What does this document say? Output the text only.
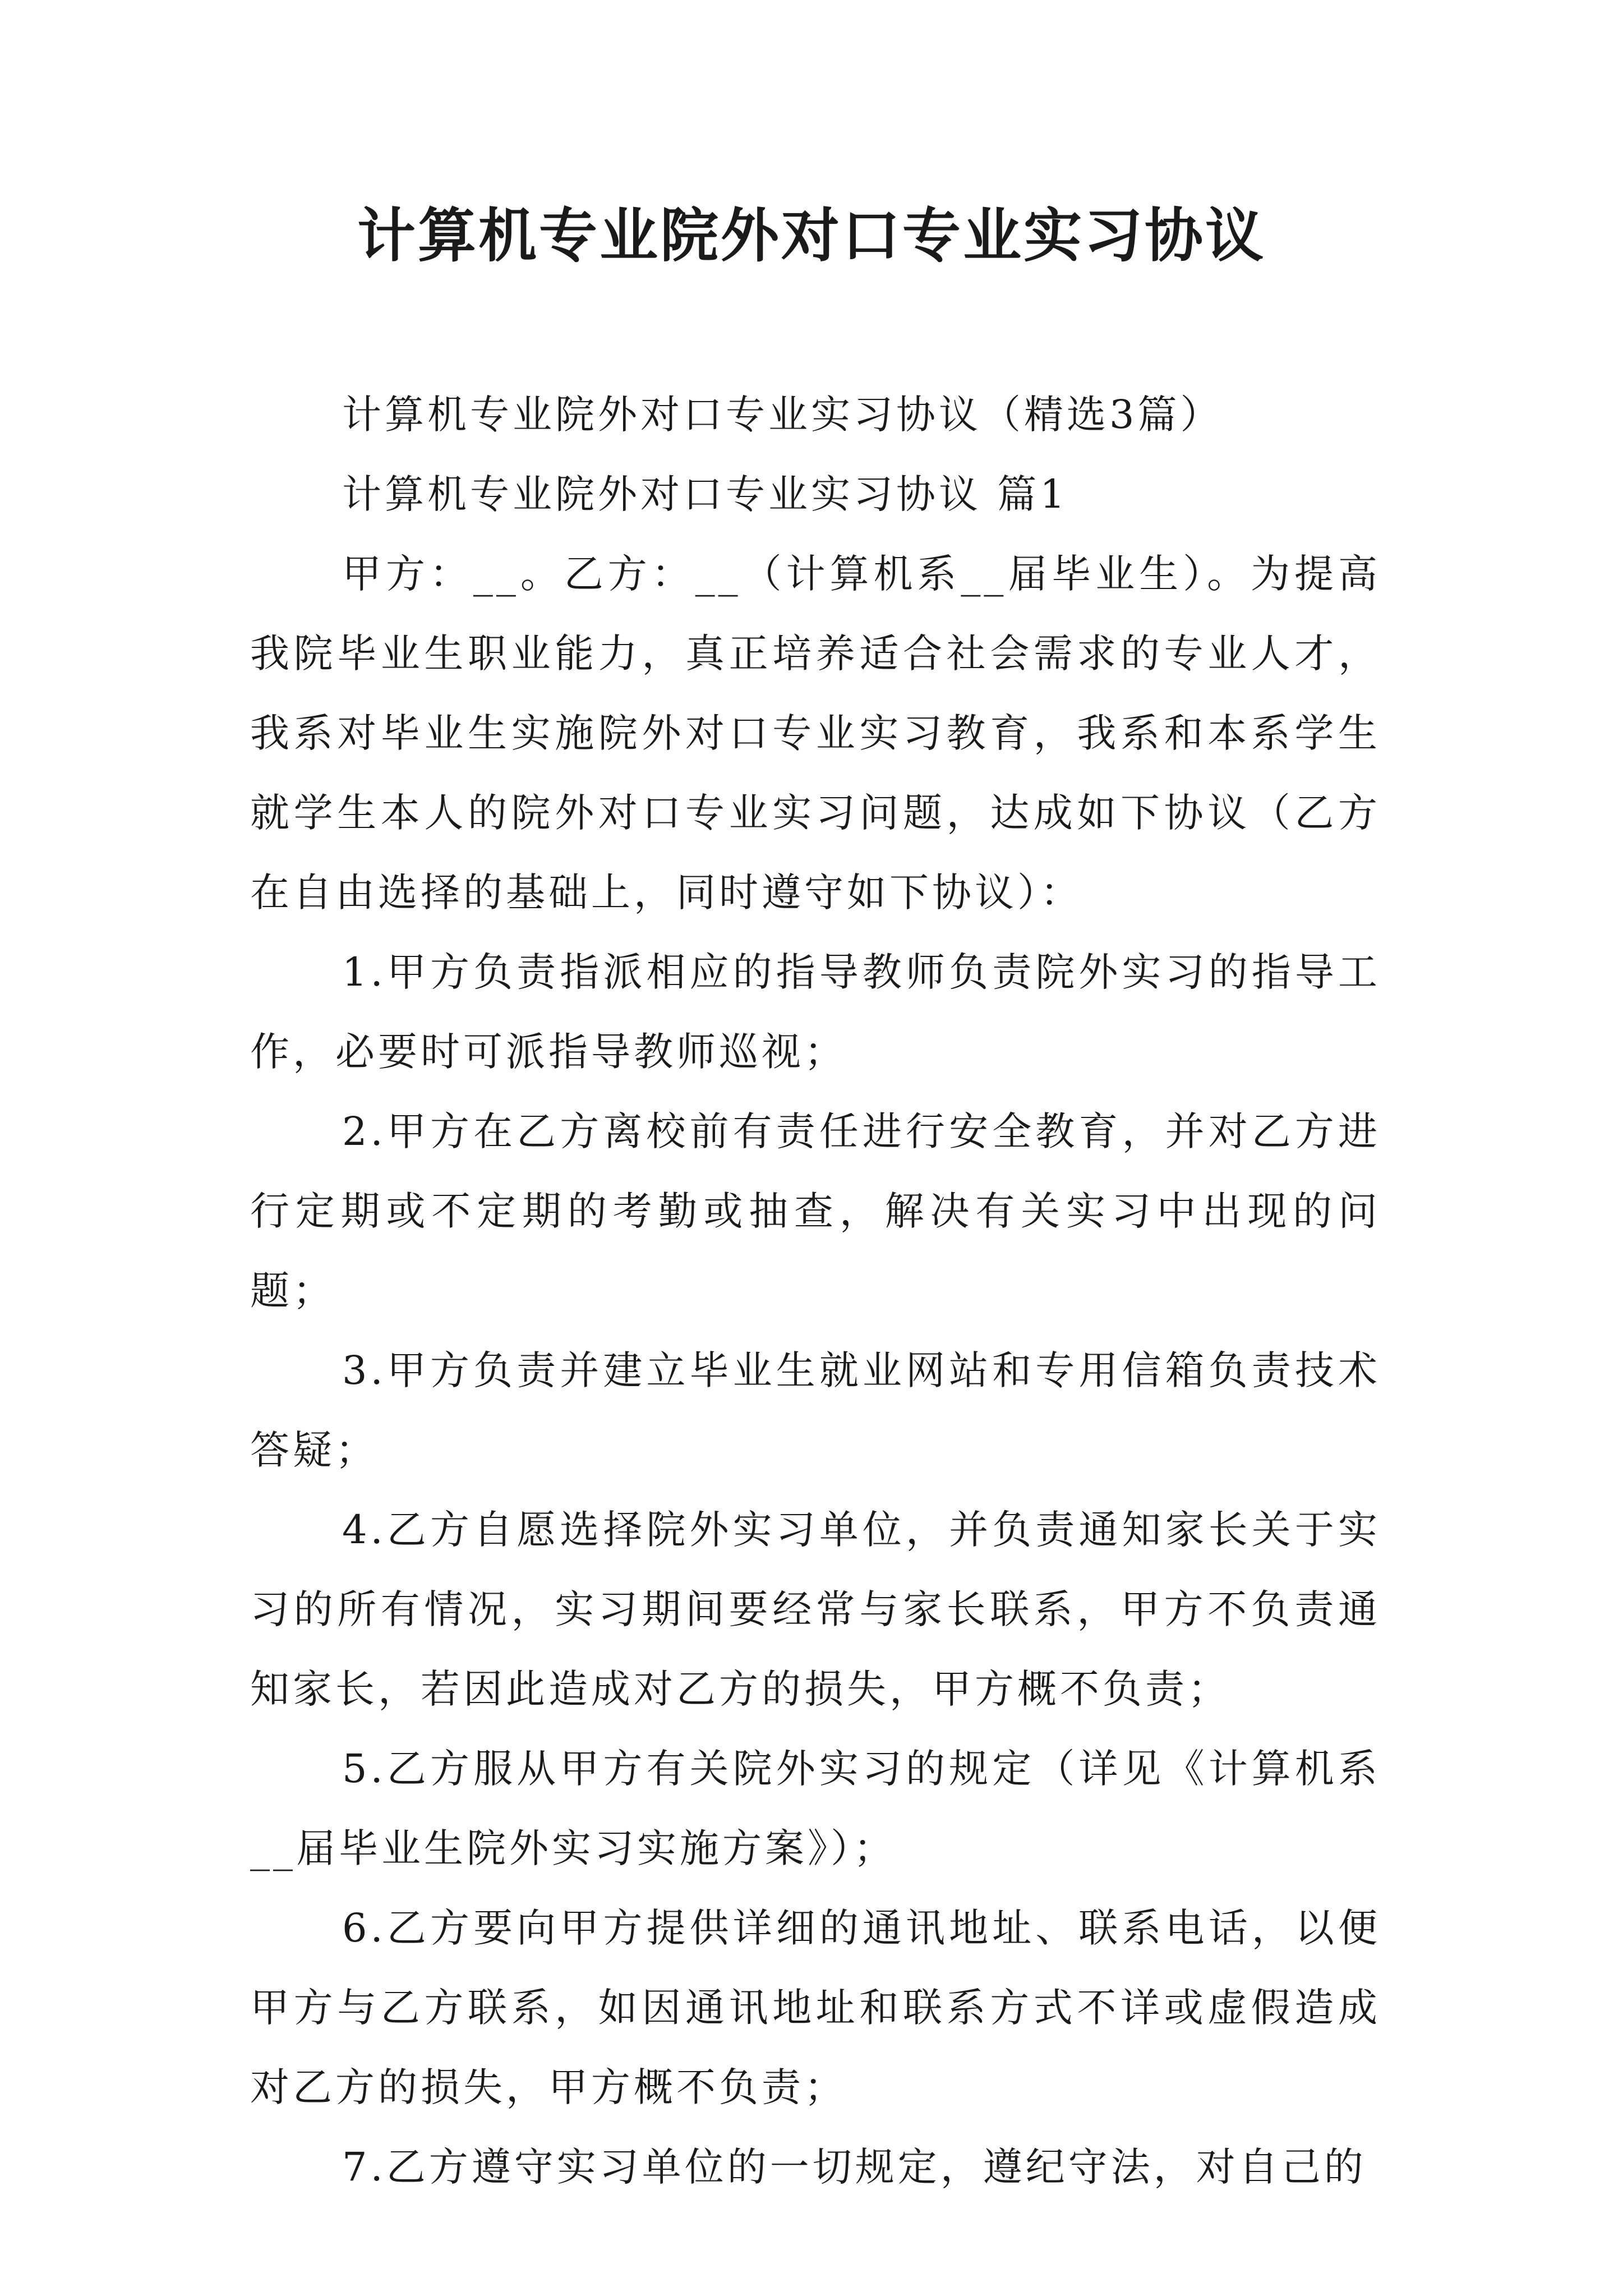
计算机专业院外对口专业实习协议

计算机专业院外对口专业实习协议（精选3篇）

计算机专业院外对口专业实习协议 篇1

甲方：__。乙方：__（计算机系__届毕业生）。为提高我院毕业生职业能力，真正培养适合社会需求的专业人才，我系对毕业生实施院外对口专业实习教育，我系和本系学生就学生本人的院外对口专业实习问题，达成如下协议（乙方在自由选择的基础上，同时遵守如下协议）：

1.甲方负责指派相应的指导教师负责院外实习的指导工作，必要时可派指导教师巡视；

2.甲方在乙方离校前有责任进行安全教育，并对乙方进行定期或不定期的考勤或抽查，解决有关实习中出现的问题；

3.甲方负责并建立毕业生就业网站和专用信箱负责技术答疑；

4.乙方自愿选择院外实习单位，并负责通知家长关于实习的所有情况，实习期间要经常与家长联系，甲方不负责通知家长，若因此造成对乙方的损失，甲方概不负责；

5.乙方服从甲方有关院外实习的规定（详见《计算机系__届毕业生院外实习实施方案》）；

6.乙方要向甲方提供详细的通讯地址、联系电话，以便甲方与乙方联系，如因通讯地址和联系方式不详或虚假造成对乙方的损失，甲方概不负责；

7.乙方遵守实习单位的一切规定，遵纪守法，对自己的
